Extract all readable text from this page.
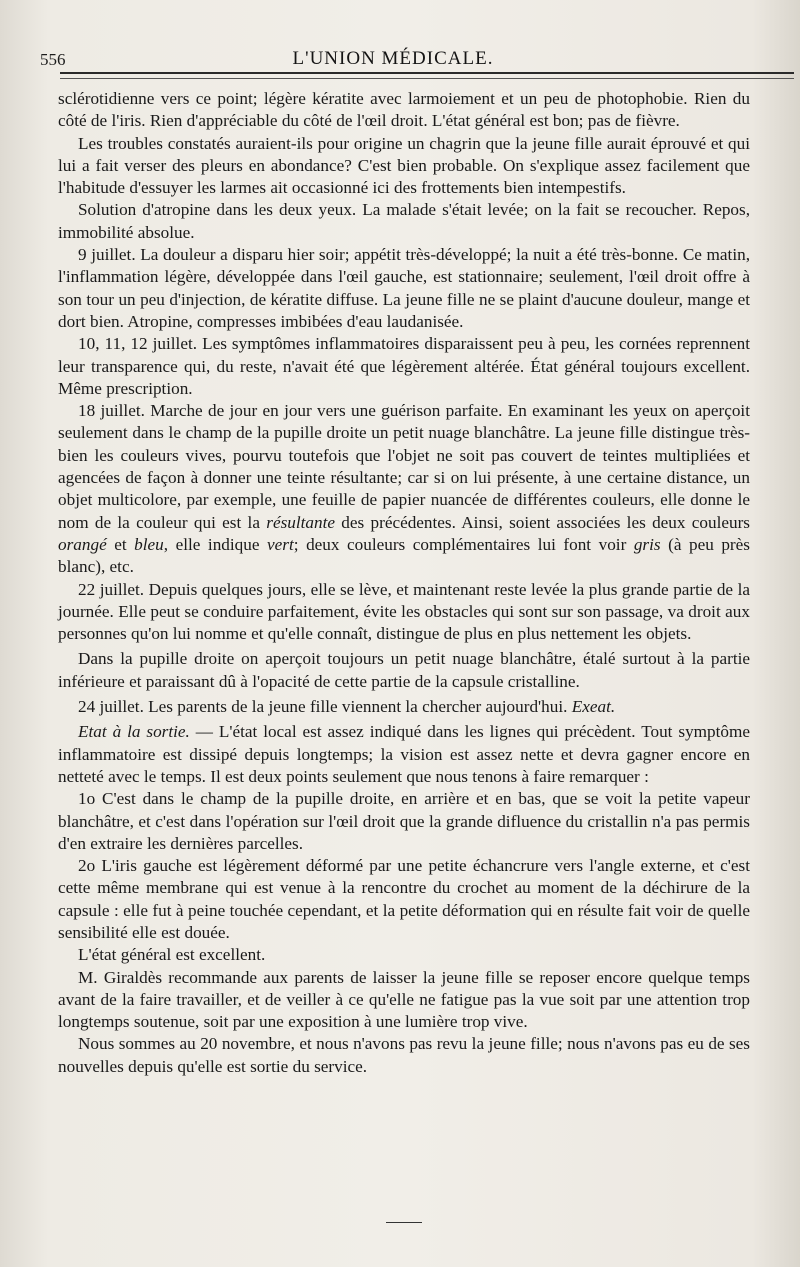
556	L'UNION MÉDICALE.

sclérotidienne vers ce point; légère kératite avec larmoiement et un peu de photophobie. Rien du côté de l'iris. Rien d'appréciable du côté de l'œil droit. L'état général est bon; pas de fièvre.

Les troubles constatés auraient-ils pour origine un chagrin que la jeune fille aurait éprouvé et qui lui a fait verser des pleurs en abondance? C'est bien probable. On s'explique assez facilement que l'habitude d'essuyer les larmes ait occasionné ici des frottements bien intempestifs.

Solution d'atropine dans les deux yeux. La malade s'était levée; on la fait se recoucher. Repos, immobilité absolue.

9 juillet. La douleur a disparu hier soir; appétit très-développé; la nuit a été très-bonne. Ce matin, l'inflammation légère, développée dans l'œil gauche, est stationnaire; seulement, l'œil droit offre à son tour un peu d'injection, de kératite diffuse. La jeune fille ne se plaint d'aucune douleur, mange et dort bien. Atropine, compresses imbibées d'eau laudanisée.

10, 11, 12 juillet. Les symptômes inflammatoires disparaissent peu à peu, les cornées reprennent leur transparence qui, du reste, n'avait été que légèrement altérée. État général toujours excellent. Même prescription.

18 juillet. Marche de jour en jour vers une guérison parfaite. En examinant les yeux on aperçoit seulement dans le champ de la pupille droite un petit nuage blanchâtre. La jeune fille distingue très-bien les couleurs vives, pourvu toutefois que l'objet ne soit pas couvert de teintes multipliées et agencées de façon à donner une teinte résultante; car si on lui présente, à une certaine distance, un objet multicolore, par exemple, une feuille de papier nuancée de différentes couleurs, elle donne le nom de la couleur qui est la résultante des précédentes. Ainsi, soient associées les deux couleurs orangé et bleu, elle indique vert; deux couleurs complémentaires lui font voir gris (à peu près blanc), etc.

22 juillet. Depuis quelques jours, elle se lève, et maintenant reste levée la plus grande partie de la journée. Elle peut se conduire parfaitement, évite les obstacles qui sont sur son passage, va droit aux personnes qu'on lui nomme et qu'elle connaît, distingue de plus en plus nettement les objets.

Dans la pupille droite on aperçoit toujours un petit nuage blanchâtre, étalé surtout à la partie inférieure et paraissant dû à l'opacité de cette partie de la capsule cristalline.

24 juillet. Les parents de la jeune fille viennent la chercher aujourd'hui. Exeat.

Etat à la sortie. — L'état local est assez indiqué dans les lignes qui précèdent. Tout symptôme inflammatoire est dissipé depuis longtemps; la vision est assez nette et devra gagner encore en netteté avec le temps. Il est deux points seulement que nous tenons à faire remarquer :

1o C'est dans le champ de la pupille droite, en arrière et en bas, que se voit la petite vapeur blanchâtre, et c'est dans l'opération sur l'œil droit que la grande difluence du cristallin n'a pas permis d'en extraire les dernières parcelles.

2o L'iris gauche est légèrement déformé par une petite échancrure vers l'angle externe, et c'est cette même membrane qui est venue à la rencontre du crochet au moment de la déchirure de la capsule : elle fut à peine touchée cependant, et la petite déformation qui en résulte fait voir de quelle sensibilité elle est douée.

L'état général est excellent.

M. Giraldès recommande aux parents de laisser la jeune fille se reposer encore quelque temps avant de la faire travailler, et de veiller à ce qu'elle ne fatigue pas la vue soit par une attention trop longtemps soutenue, soit par une exposition à une lumière trop vive.

Nous sommes au 20 novembre, et nous n'avons pas revu la jeune fille; nous n'avons pas eu de ses nouvelles depuis qu'elle est sortie du service.
